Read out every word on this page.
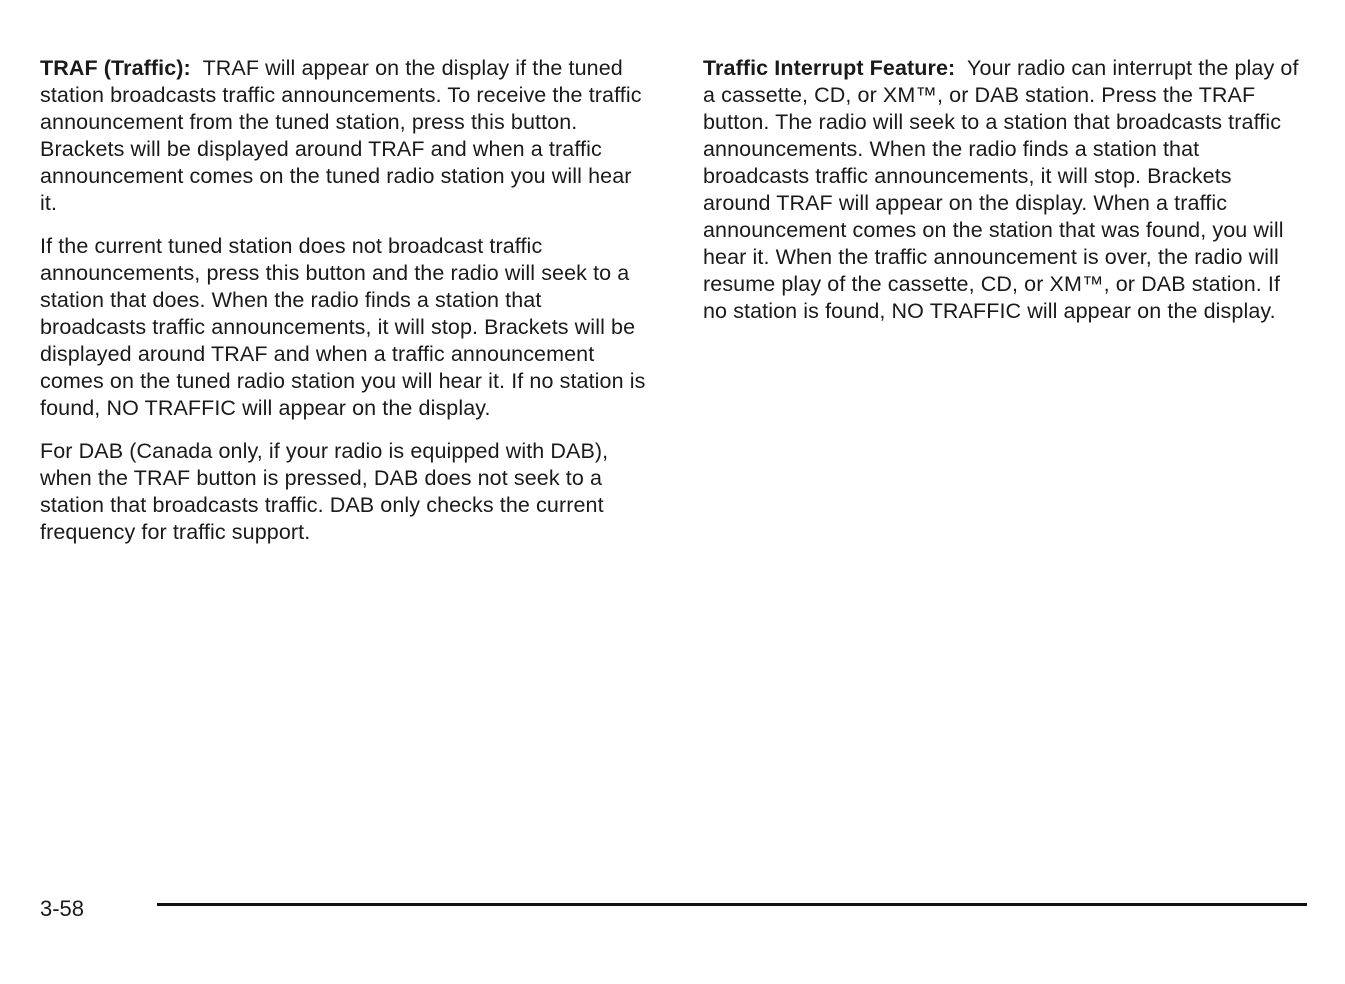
TRAF (Traffic): TRAF will appear on the display if the tuned station broadcasts traffic announcements. To receive the traffic announcement from the tuned station, press this button. Brackets will be displayed around TRAF and when a traffic announcement comes on the tuned radio station you will hear it.

If the current tuned station does not broadcast traffic announcements, press this button and the radio will seek to a station that does. When the radio finds a station that broadcasts traffic announcements, it will stop. Brackets will be displayed around TRAF and when a traffic announcement comes on the tuned radio station you will hear it. If no station is found, NO TRAFFIC will appear on the display.

For DAB (Canada only, if your radio is equipped with DAB), when the TRAF button is pressed, DAB does not seek to a station that broadcasts traffic. DAB only checks the current frequency for traffic support.

Traffic Interrupt Feature: Your radio can interrupt the play of a cassette, CD, or XM™, or DAB station. Press the TRAF button. The radio will seek to a station that broadcasts traffic announcements. When the radio finds a station that broadcasts traffic announcements, it will stop. Brackets around TRAF will appear on the display. When a traffic announcement comes on the station that was found, you will hear it. When the traffic announcement is over, the radio will resume play of the cassette, CD, or XM™, or DAB station. If no station is found, NO TRAFFIC will appear on the display.

3-58
